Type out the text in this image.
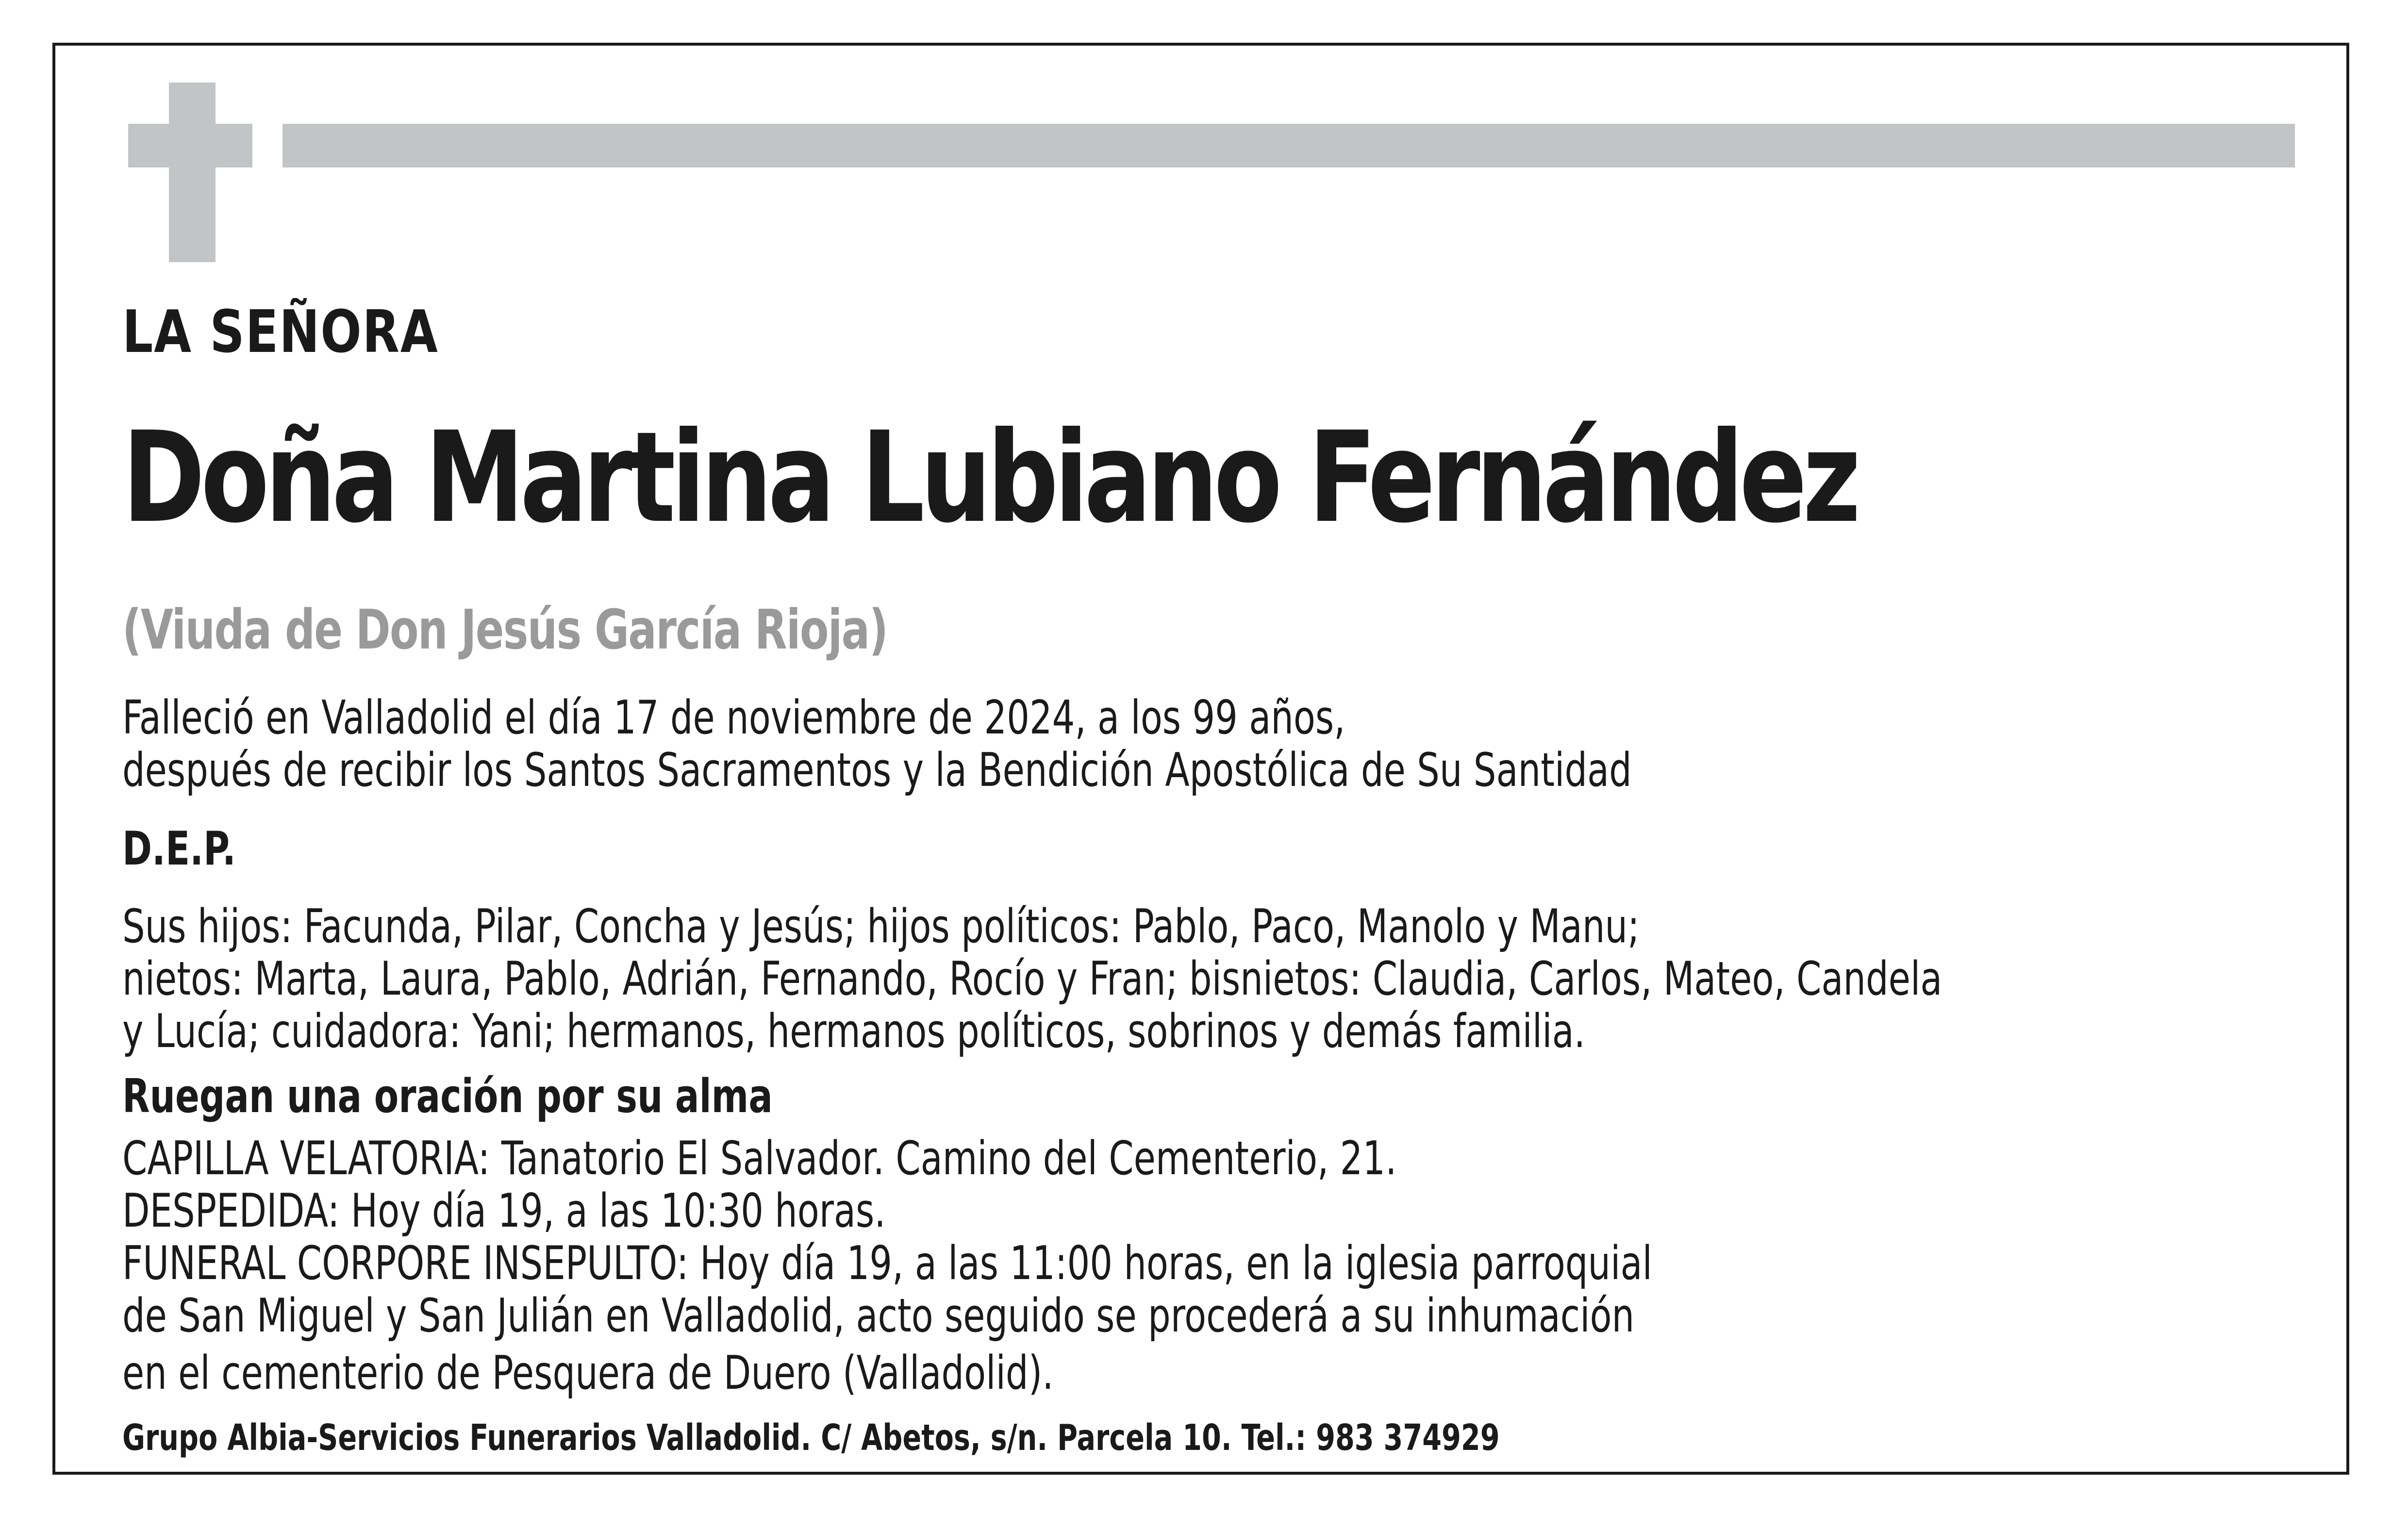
LA SEÑORA
Doña Martina Lubiano Fernández
(Viuda de Don Jesús García Rioja)
Falleció en Valladolid el día 17 de noviembre de 2024, a los 99 años,
después de recibir los Santos Sacramentos y la Bendición Apostólica de Su Santidad
D.E.P.
Sus hijos: Facunda, Pilar, Concha y Jesús; hijos políticos: Pablo, Paco, Manolo y Manu;
nietos: Marta, Laura, Pablo, Adrián, Fernando, Rocío y Fran; bisnietos: Claudia, Carlos, Mateo, Candela
y Lucía; cuidadora: Yani; hermanos, hermanos políticos, sobrinos y demás familia.
Ruegan una oración por su alma
CAPILLA VELATORIA: Tanatorio El Salvador. Camino del Cementerio, 21.
DESPEDIDA: Hoy día 19, a las 10:30 horas.
FUNERAL CORPORE INSEPULTO: Hoy día 19, a las 11:00 horas, en la iglesia parroquial
de San Miguel y San Julián en Valladolid, acto seguido se procederá a su inhumación
en el cementerio de Pesquera de Duero (Valladolid).
Grupo Albia-Servicios Funerarios Valladolid. C/ Abetos, s/n. Parcela 10. Tel.: 983 374929
